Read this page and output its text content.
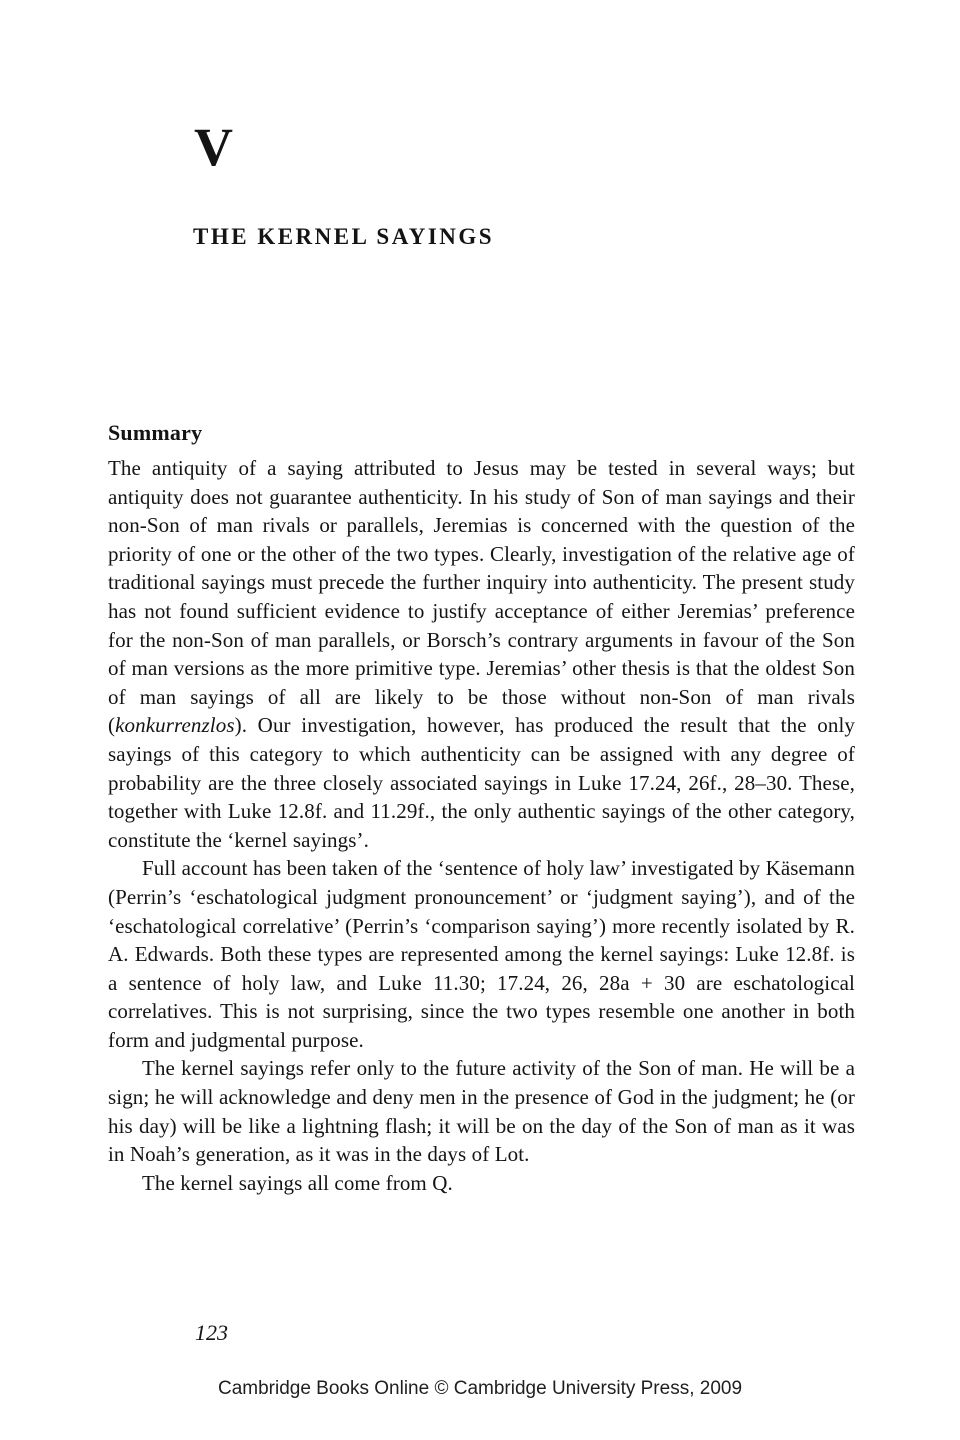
V
THE KERNEL SAYINGS
Summary

The antiquity of a saying attributed to Jesus may be tested in several ways; but antiquity does not guarantee authenticity. In his study of Son of man sayings and their non-Son of man rivals or parallels, Jeremias is concerned with the question of the priority of one or the other of the two types. Clearly, investigation of the relative age of traditional sayings must precede the further inquiry into authenticity. The present study has not found sufficient evidence to justify acceptance of either Jeremias’ preference for the non-Son of man parallels, or Borsch’s contrary arguments in favour of the Son of man versions as the more primitive type. Jeremias’ other thesis is that the oldest Son of man sayings of all are likely to be those without non-Son of man rivals (konkurrenzlos). Our investigation, however, has produced the result that the only sayings of this category to which authenticity can be assigned with any degree of probability are the three closely associated sayings in Luke 17.24, 26f., 28–30. These, together with Luke 12.8f. and 11.29f., the only authentic sayings of the other category, constitute the ‘kernel sayings’.

Full account has been taken of the ‘sentence of holy law’ investigated by Käsemann (Perrin’s ‘eschatological judgment pronouncement’ or ‘judgment saying’), and of the ‘eschatological correlative’ (Perrin’s ‘comparison saying’) more recently isolated by R. A. Edwards. Both these types are represented among the kernel sayings: Luke 12.8f. is a sentence of holy law, and Luke 11.30; 17.24, 26, 28a + 30 are eschatological correlatives. This is not surprising, since the two types resemble one another in both form and judgmental purpose.

The kernel sayings refer only to the future activity of the Son of man. He will be a sign; he will acknowledge and deny men in the presence of God in the judgment; he (or his day) will be like a lightning flash; it will be on the day of the Son of man as it was in Noah’s generation, as it was in the days of Lot.

The kernel sayings all come from Q.

123
Cambridge Books Online © Cambridge University Press, 2009
